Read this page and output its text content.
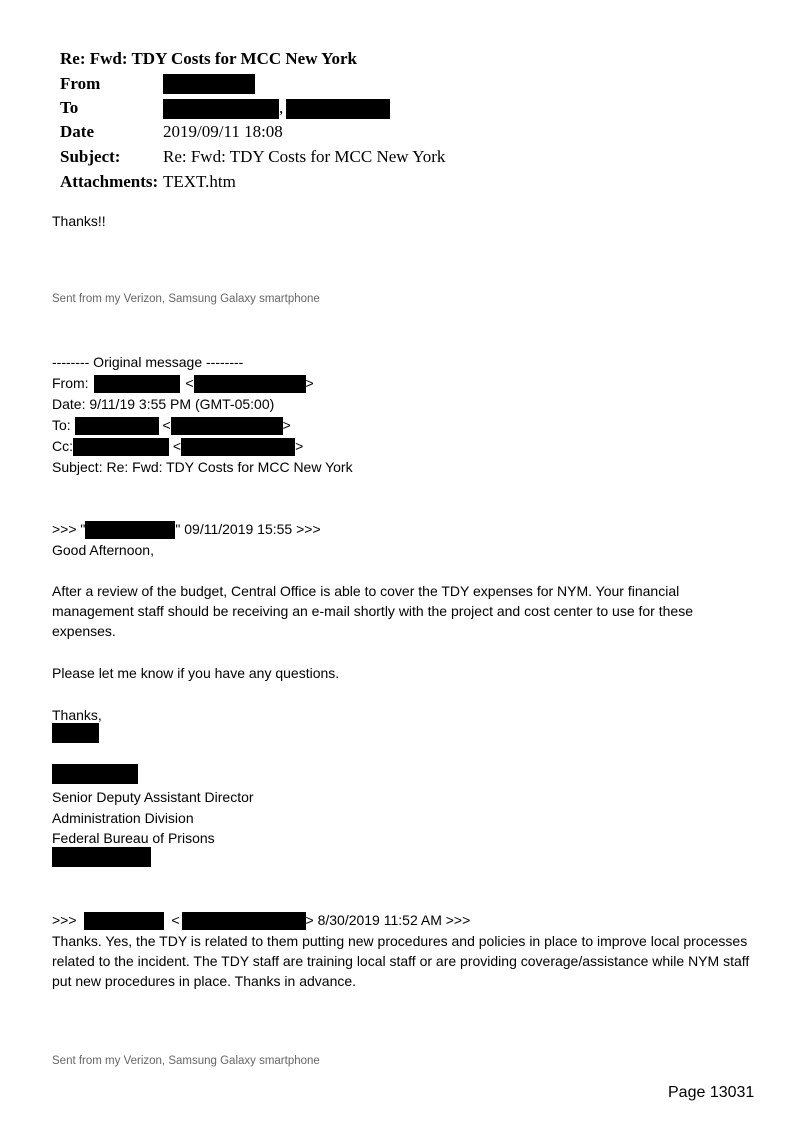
Re: Fwd: TDY Costs for MCC New York
From
To	,
Date	2019/09/11 18:08
Subject:	Re: Fwd: TDY Costs for MCC New York
Attachments: TEXT.htm
Thanks!!
Sent from my Verizon, Samsung Galaxy smartphone
-------- Original message --------
From:	<	>
Date: 9/11/19 3:55 PM (GMT-05:00)
To:	<	>
Cc:	<	>
Subject: Re: Fwd: TDY Costs for MCC New York
>>> "	" 09/11/2019 15:55 >>>
Good Afternoon,

After a review of the budget, Central Office is able to cover the TDY expenses for NYM. Your financial management staff should be receiving an e-mail shortly with the project and cost center to use for these expenses.

Please let me know if you have any questions.
Thanks,
Senior Deputy Assistant Director
Administration Division
Federal Bureau of Prisons
>>>	<	> 8/30/2019 11:52 AM >>>

Thanks. Yes, the TDY is related to them putting new procedures and policies in place to improve local processes related to the incident. The TDY staff are training local staff or are providing coverage/assistance while NYM staff put new procedures in place. Thanks in advance.

Sent from my Verizon, Samsung Galaxy smartphone
Page 13031
